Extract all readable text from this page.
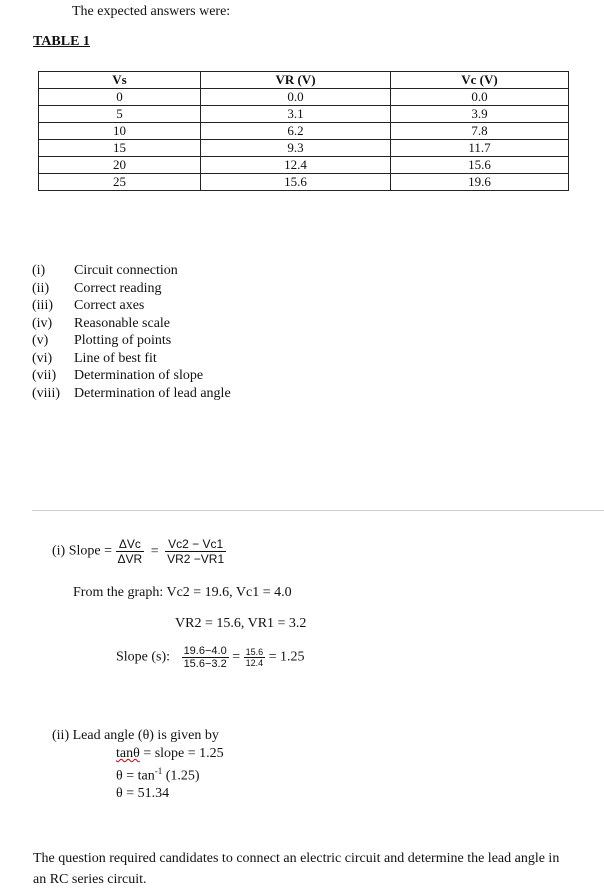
The expected answers were:
TABLE 1
Vs	VR (V)	Vc (V)
0	0.0	0.0
5	3.1	3.9
10	6.2	7.8
15	9.3	11.7
20	12.4	15.6
25	15.6	19.6
(i)	Circuit connection
(ii)	Correct reading
(iii)	Correct axes
(iv)	Reasonable scale
(v)	Plotting of points
(vi)	Line of best fit
(vii)	Determination of slope
(viii)	Determination of lead angle
(i) Slope = $\frac{\text{ΔVc}}{\text{ΔVR}} = \frac{Vc2 - Vc1}{VR2 -VR1}$
From the graph: Vc2 = 19.6, Vc1 = 4.0
VR2 = 15.6, VR1 = 3.2
Slope (s): $\frac{19.6-4.0}{15.6-3.2} = \frac{15.6}{12.4} = 1.25$
(ii) Lead angle (θ) is given by
tanθ = slope = 1.25
$\theta = \tan^{-1} (1.25)$
θ = 51.34
The question required candidates to connect an electric circuit and determine the lead angle in an RC series circuit.
